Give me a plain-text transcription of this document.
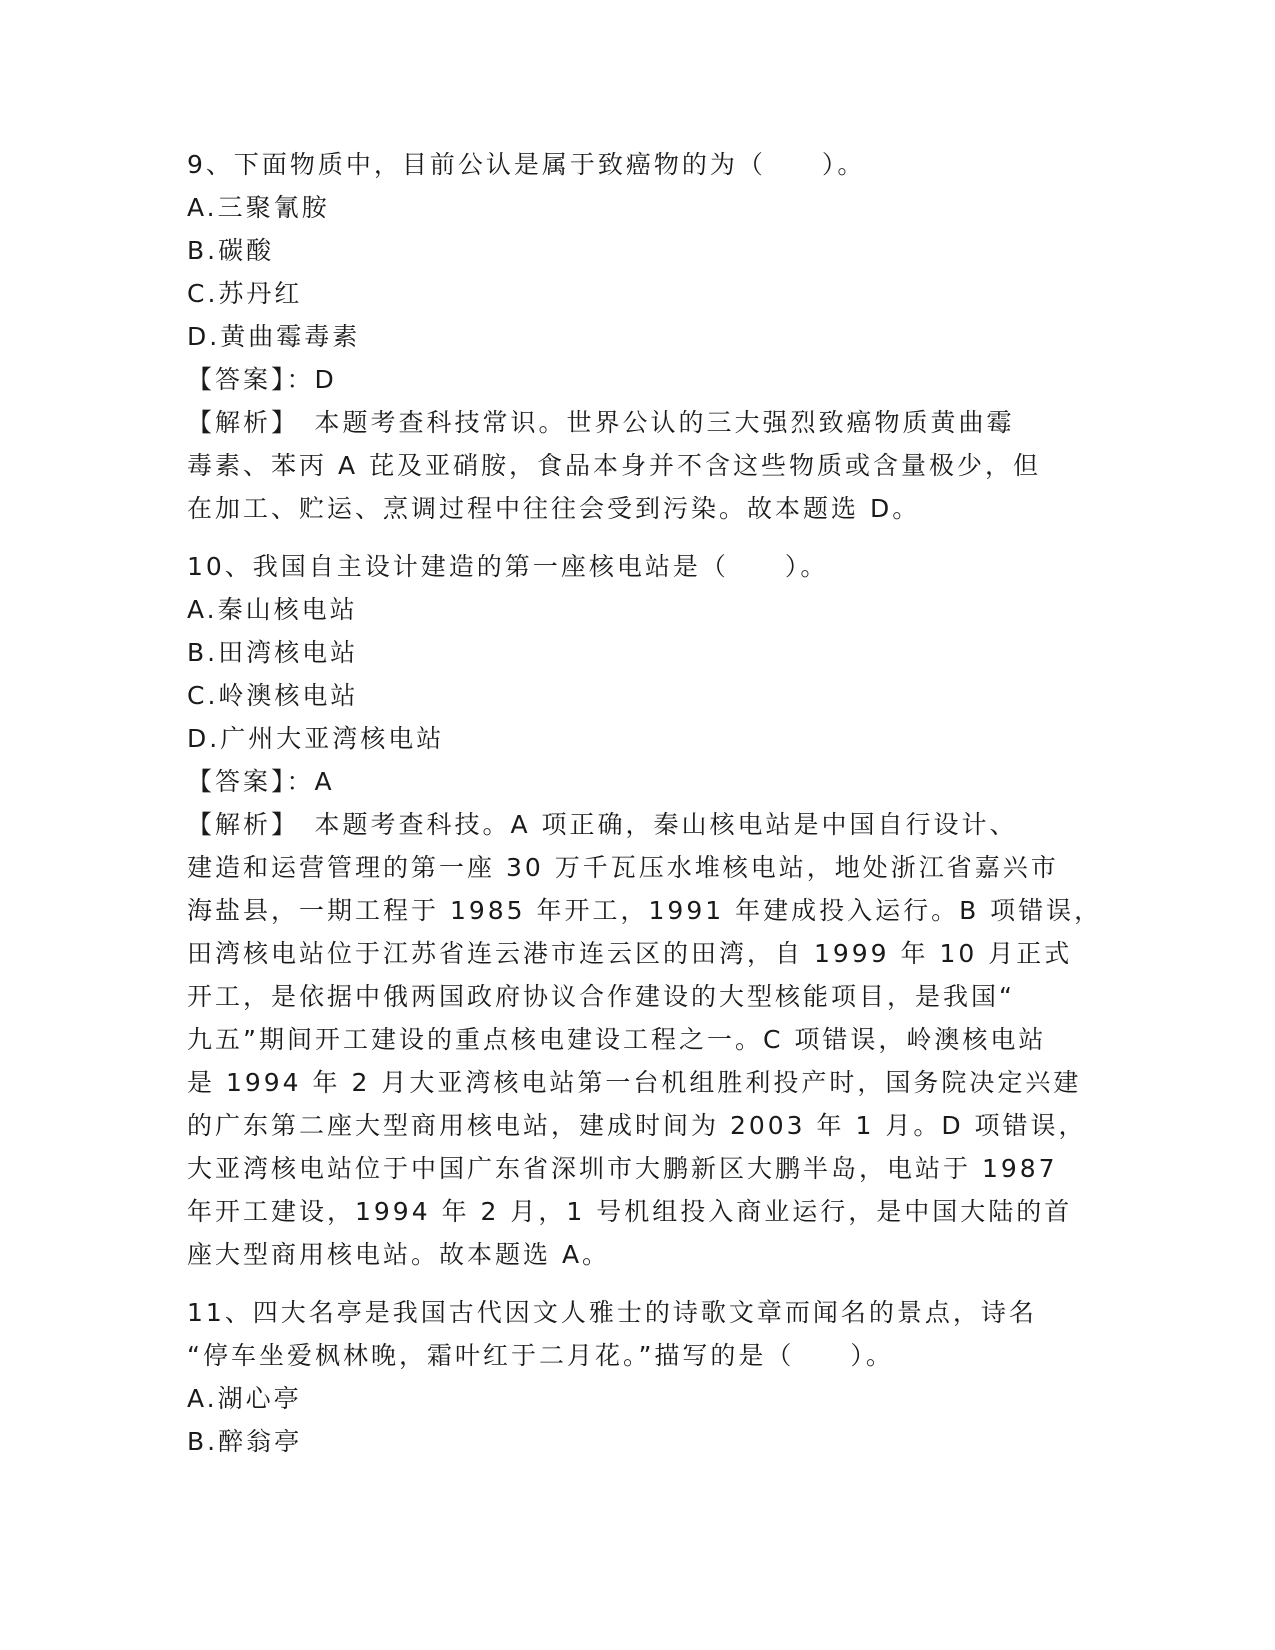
9、下面物质中，目前公认是属于致癌物的为（　　）。
A.三聚氰胺
B.碳酸
C.苏丹红
D.黄曲霉毒素
【答案】：D
【解析】　本题考查科技常识。世界公认的三大强烈致癌物质黄曲霉
毒素、苯丙 A 芘及亚硝胺，食品本身并不含这些物质或含量极少，但
在加工、贮运、烹调过程中往往会受到污染。故本题选 D。
10、我国自主设计建造的第一座核电站是（　　）。
A.秦山核电站
B.田湾核电站
C.岭澳核电站
D.广州大亚湾核电站
【答案】：A
【解析】　本题考查科技。A 项正确，秦山核电站是中国自行设计、
建造和运营管理的第一座 30 万千瓦压水堆核电站，地处浙江省嘉兴市
海盐县，一期工程于 1985 年开工，1991 年建成投入运行。B 项错误，
田湾核电站位于江苏省连云港市连云区的田湾，自 1999 年 10 月正式
开工，是依据中俄两国政府协议合作建设的大型核能项目，是我国“
九五”期间开工建设的重点核电建设工程之一。C 项错误，岭澳核电站
是 1994 年 2 月大亚湾核电站第一台机组胜利投产时，国务院决定兴建
的广东第二座大型商用核电站，建成时间为 2003 年 1 月。D 项错误，
大亚湾核电站位于中国广东省深圳市大鹏新区大鹏半岛，电站于 1987
年开工建设，1994 年 2 月，1 号机组投入商业运行，是中国大陆的首
座大型商用核电站。故本题选 A。
11、四大名亭是我国古代因文人雅士的诗歌文章而闻名的景点，诗名
“停车坐爱枫林晚，霜叶红于二月花。”描写的是（　　）。
A.湖心亭
B.醉翁亭
